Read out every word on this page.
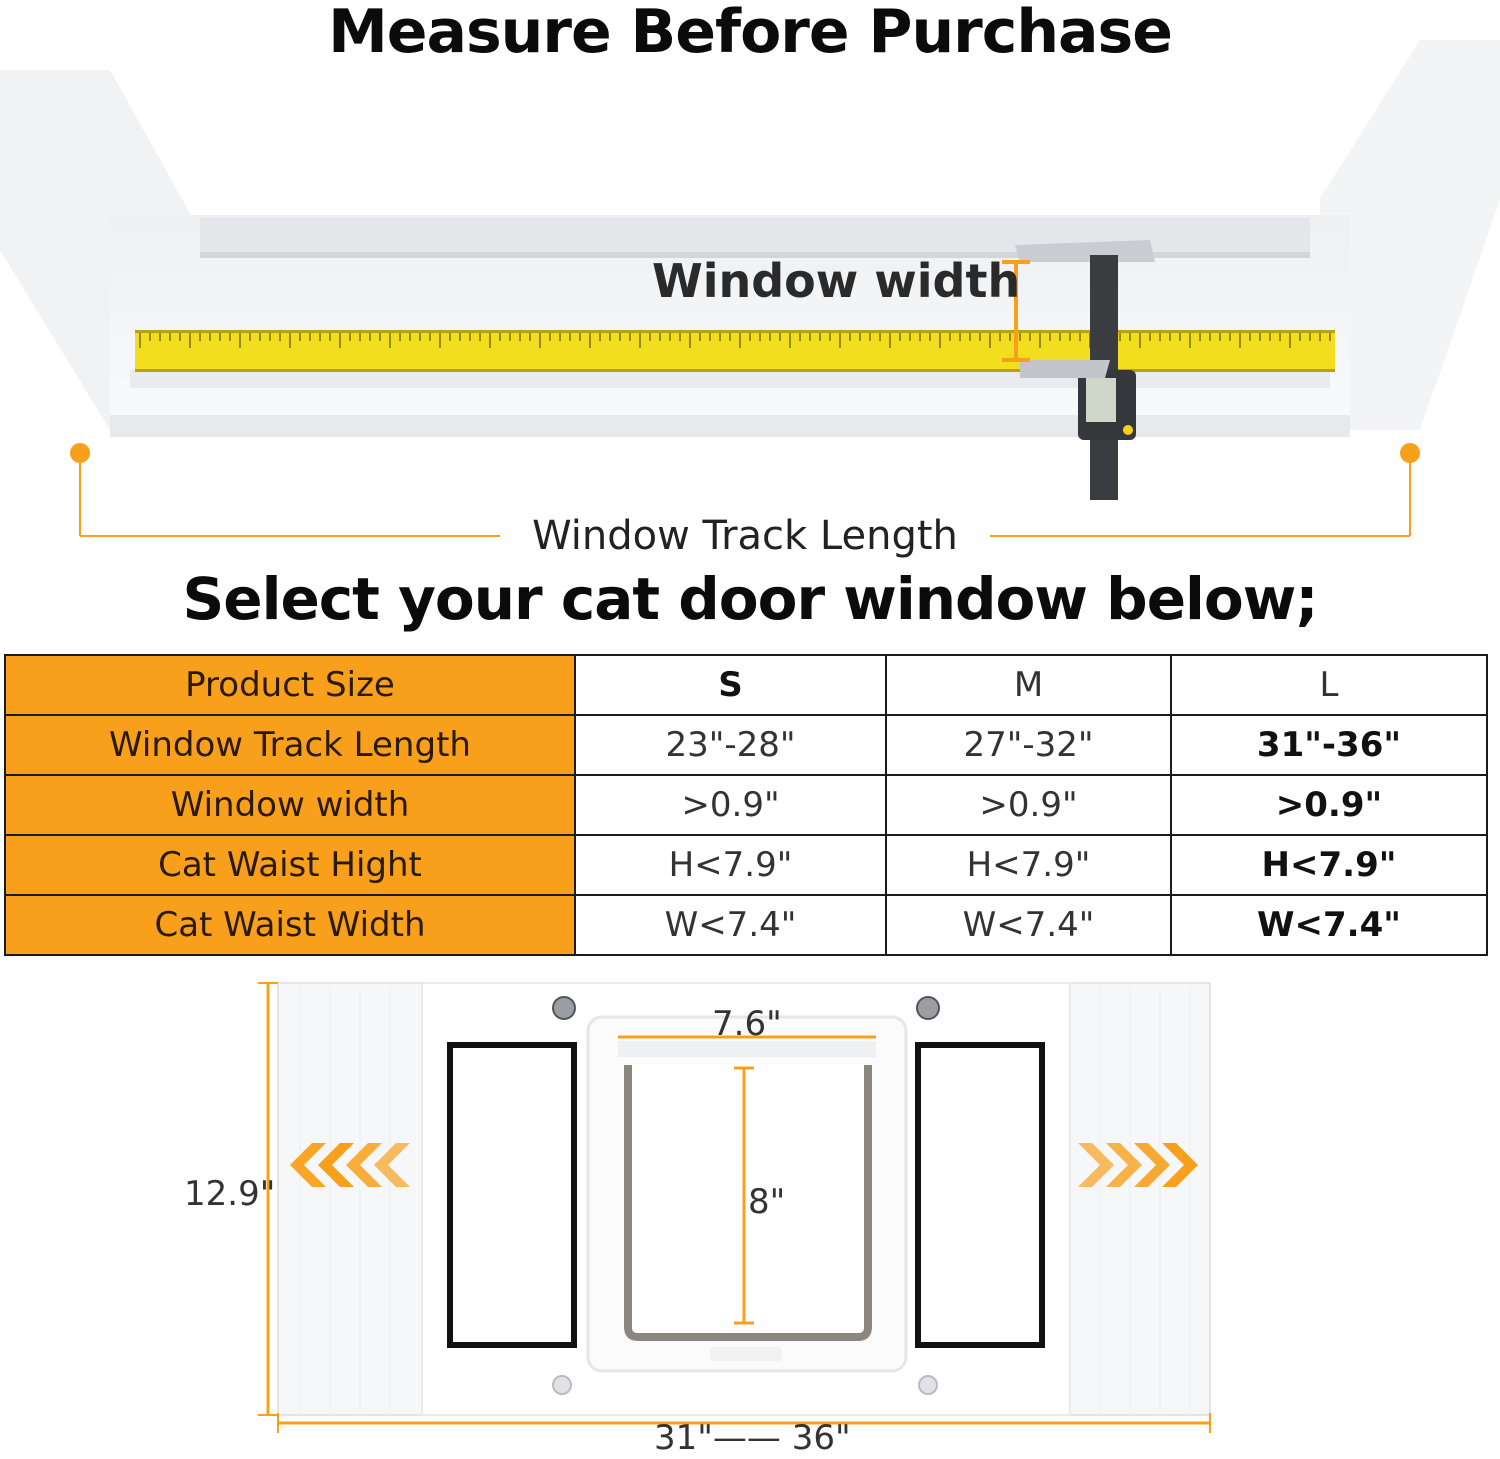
Measure Before Purchase
Window width
Window Track Length
Select your cat door window below;
Product Size	S	M	L
Window Track Length	23"-28"	27"-32"	31"-36"
Window width	>0.9"	>0.9"	>0.9"
Cat Waist Hight	H<7.9"	H<7.9"	H<7.9"
Cat Waist Width	W<7.4"	W<7.4"	W<7.4"
7.6"
8"
12.9"
31"—— 36"
